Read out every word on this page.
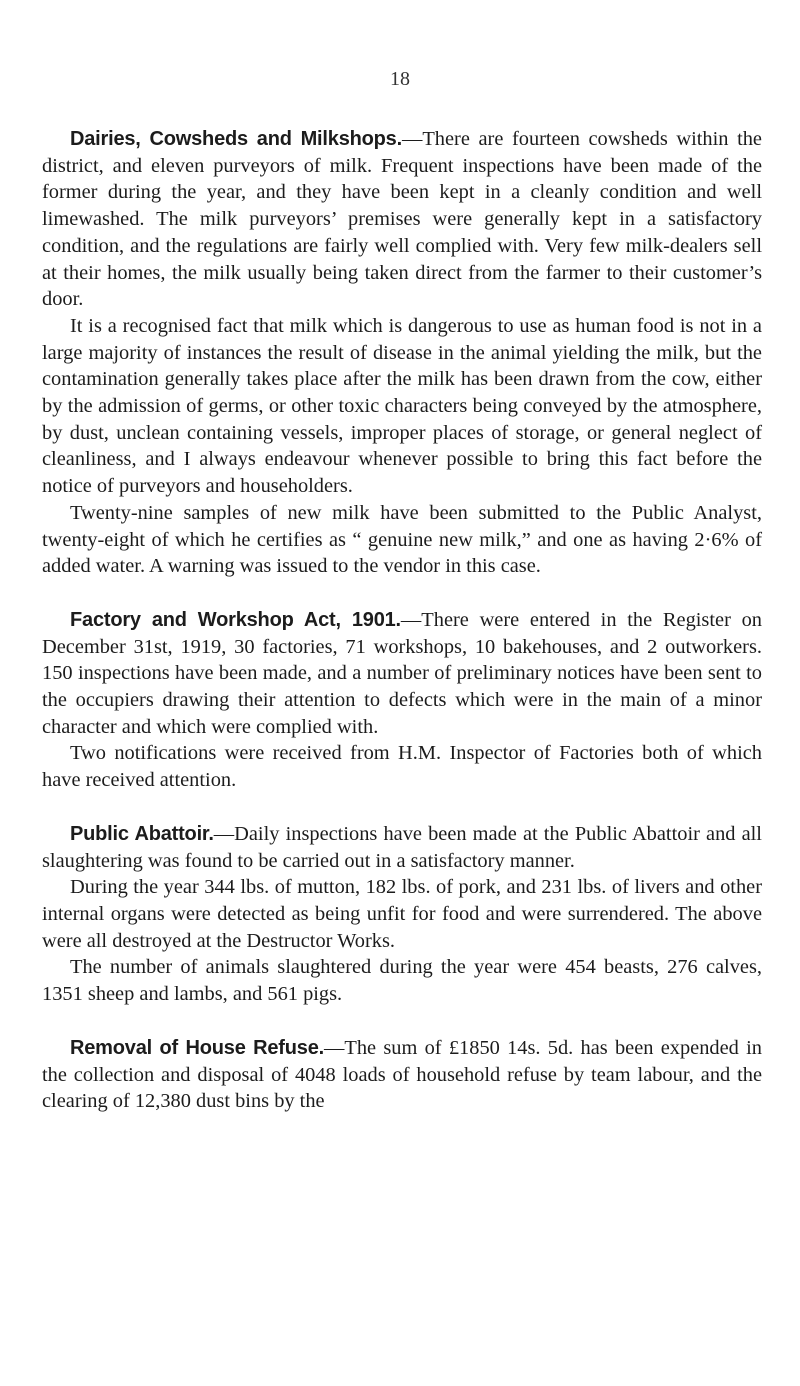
18

Dairies, Cowsheds and Milkshops.—There are fourteen cowsheds within the district, and eleven purveyors of milk. Frequent inspections have been made of the former during the year, and they have been kept in a cleanly condition and well limewashed. The milk purveyors’ premises were generally kept in a satisfactory condition, and the regulations are fairly well complied with. Very few milk-dealers sell at their homes, the milk usually being taken direct from the farmer to their customer’s door.

It is a recognised fact that milk which is dangerous to use as human food is not in a large majority of instances the result of disease in the animal yielding the milk, but the contamination generally takes place after the milk has been drawn from the cow, either by the admission of germs, or other toxic characters being conveyed by the atmosphere, by dust, unclean containing vessels, improper places of storage, or general neglect of cleanliness, and I always endeavour whenever possible to bring this fact before the notice of purveyors and householders.

Twenty-nine samples of new milk have been submitted to the Public Analyst, twenty-eight of which he certifies as “ genuine new milk,” and one as having 2·6% of added water. A warning was issued to the vendor in this case.

Factory and Workshop Act, 1901.—There were entered in the Register on December 31st, 1919, 30 factories, 71 workshops, 10 bakehouses, and 2 outworkers. 150 inspections have been made, and a number of preliminary notices have been sent to the occupiers drawing their attention to defects which were in the main of a minor character and which were complied with.

Two notifications were received from H.M. Inspector of Factories both of which have received attention.

Public Abattoir.—Daily inspections have been made at the Public Abattoir and all slaughtering was found to be carried out in a satisfactory manner.

During the year 344 lbs. of mutton, 182 lbs. of pork, and 231 lbs. of livers and other internal organs were detected as being unfit for food and were surrendered. The above were all destroyed at the Destructor Works.

The number of animals slaughtered during the year were 454 beasts, 276 calves, 1351 sheep and lambs, and 561 pigs.

Removal of House Refuse.—The sum of £1850 14s. 5d. has been expended in the collection and disposal of 4048 loads of household refuse by team labour, and the clearing of 12,380 dust bins by the
